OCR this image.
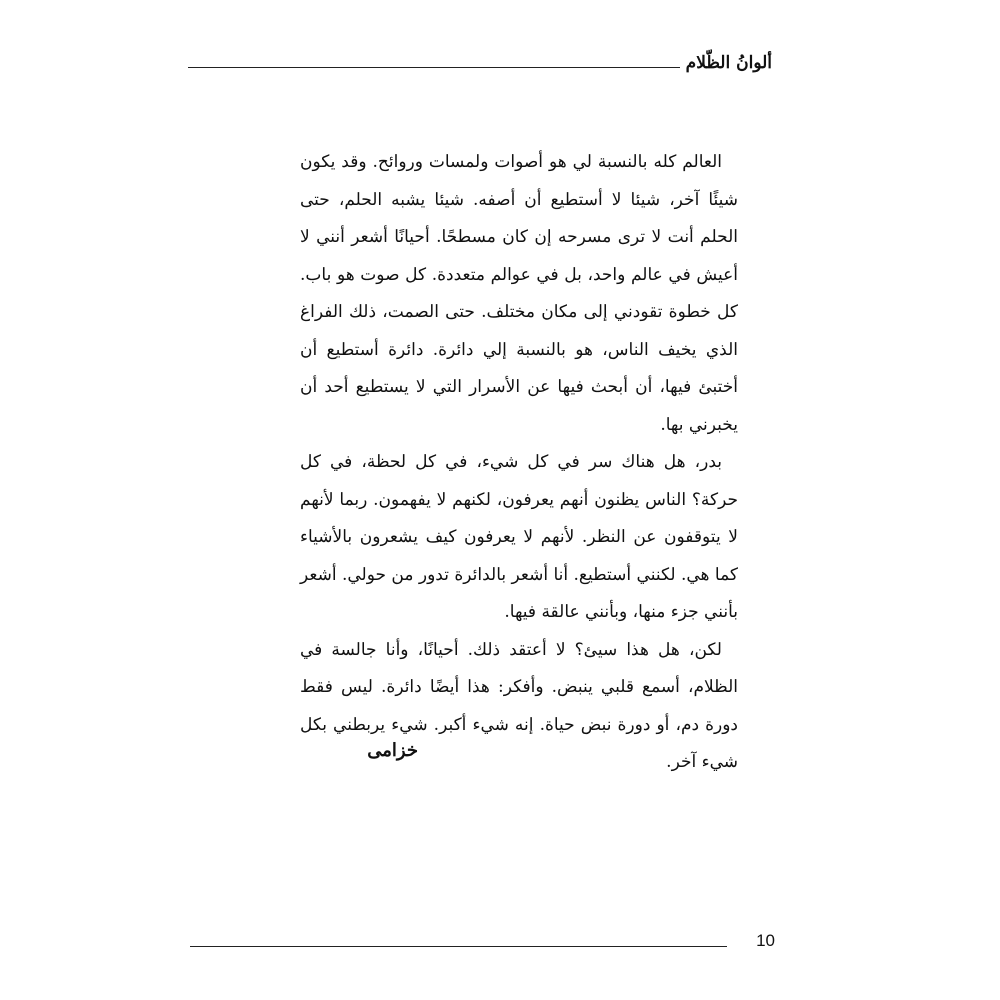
ألوانُ الظّلام

العالم كله بالنسبة لي هو أصوات ولمسات وروائح. وقد يكون شيئًا آخر، شيئا لا أستطيع أن أصفه. شيئا يشبه الحلم، حتى الحلم أنت لا ترى مسرحه إن كان مسطحًا. أحيانًا أشعر أنني لا أعيش في عالم واحد، بل في عوالم متعددة. كل صوت هو باب. كل خطوة تقودني إلى مكان مختلف. حتى الصمت، ذلك الفراغ الذي يخيف الناس، هو بالنسبة إلي دائرة. دائرة أستطيع أن أختبئ فيها، أن أبحث فيها عن الأسرار التي لا يستطيع أحد أن يخبرني بها.

بدر، هل هناك سر في كل شيء، في كل لحظة، في كل حركة؟ الناس يظنون أنهم يعرفون، لكنهم لا يفهمون. ربما لأنهم لا يتوقفون عن النظر. لأنهم لا يعرفون كيف يشعرون بالأشياء كما هي. لكنني أستطيع. أنا أشعر بالدائرة تدور من حولي. أشعر بأنني جزء منها، وبأنني عالقة فيها.

لكن، هل هذا سيئ؟ لا أعتقد ذلك. أحيانًا، وأنا جالسة في الظلام، أسمع قلبي ينبض. وأفكر: هذا أيضًا دائرة. ليس فقط دورة دم، أو دورة نبض حياة. إنه شيء أكبر. شيء يربطني بكل شيء آخر.

خزامى
10
